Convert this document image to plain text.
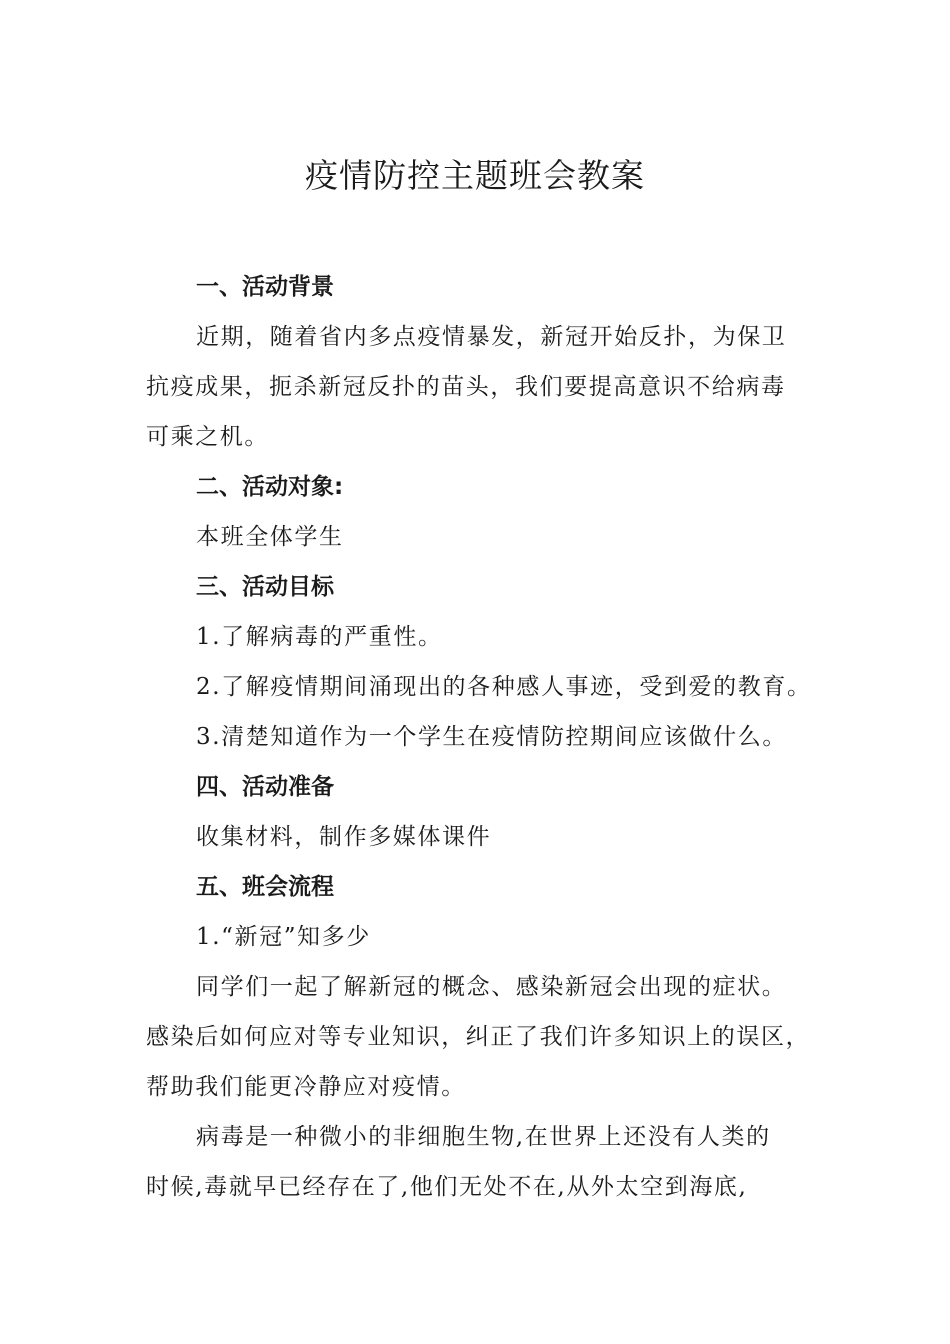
疫情防控主题班会教案
一、活动背景
近期，随着省内多点疫情暴发，新冠开始反扑，为保卫
抗疫成果，扼杀新冠反扑的苗头，我们要提高意识不给病毒
可乘之机。
二、活动对象:
本班全体学生
三、活动目标
1.了解病毒的严重性。
2.了解疫情期间涌现出的各种感人事迹，受到爱的教育。
3.清楚知道作为一个学生在疫情防控期间应该做什么。
四、活动准备
收集材料，制作多媒体课件
五、班会流程
1.“新冠”知多少
同学们一起了解新冠的概念、感染新冠会出现的症状。
感染后如何应对等专业知识，纠正了我们许多知识上的误区，
帮助我们能更冷静应对疫情。
病毒是一种微小的非细胞生物,在世界上还没有人类的
时候,毒就早已经存在了,他们无处不在,从外太空到海底,
